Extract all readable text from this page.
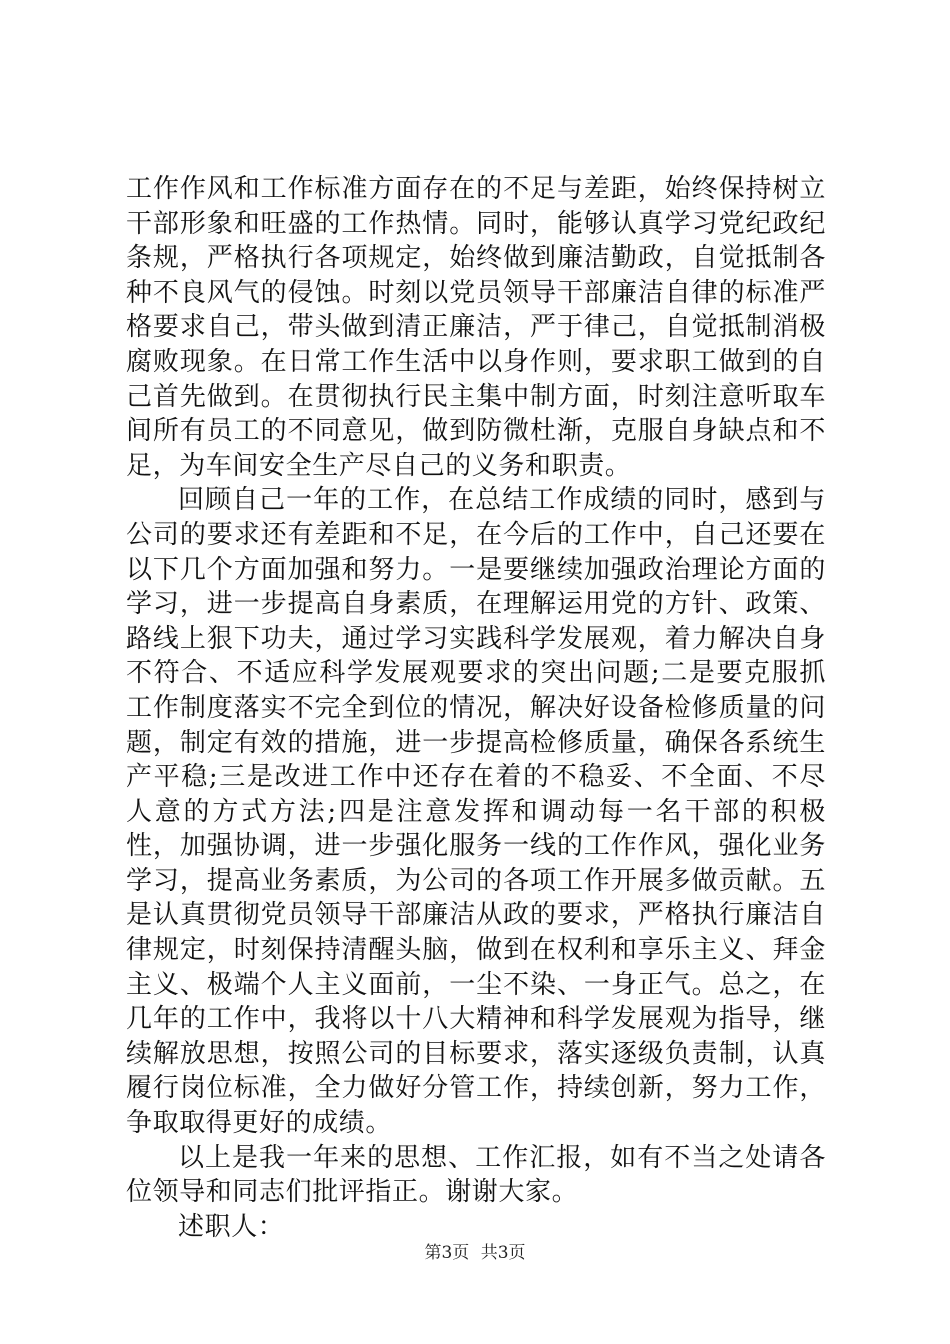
工作作风和工作标准方面存在的不足与差距，始终保持树立干部形象和旺盛的工作热情。同时，能够认真学习党纪政纪条规，严格执行各项规定，始终做到廉洁勤政，自觉抵制各种不良风气的侵蚀。时刻以党员领导干部廉洁自律的标准严格要求自己，带头做到清正廉洁，严于律己，自觉抵制消极腐败现象。在日常工作生活中以身作则，要求职工做到的自己首先做到。在贯彻执行民主集中制方面，时刻注意听取车间所有员工的不同意见，做到防微杜渐，克服自身缺点和不足，为车间安全生产尽自己的义务和职责。

回顾自己一年的工作，在总结工作成绩的同时，感到与公司的要求还有差距和不足，在今后的工作中，自己还要在以下几个方面加强和努力。一是要继续加强政治理论方面的学习，进一步提高自身素质，在理解运用党的方针、政策、路线上狠下功夫，通过学习实践科学发展观，着力解决自身不符合、不适应科学发展观要求的突出问题;二是要克服抓工作制度落实不完全到位的情况，解决好设备检修质量的问题，制定有效的措施，进一步提高检修质量，确保各系统生产平稳;三是改进工作中还存在着的不稳妥、不全面、不尽人意的方式方法;四是注意发挥和调动每一名干部的积极性，加强协调，进一步强化服务一线的工作作风，强化业务学习，提高业务素质，为公司的各项工作开展多做贡献。五是认真贯彻党员领导干部廉洁从政的要求，严格执行廉洁自律规定，时刻保持清醒头脑，做到在权利和享乐主义、拜金主义、极端个人主义面前，一尘不染、一身正气。总之，在几年的工作中，我将以十八大精神和科学发展观为指导，继续解放思想，按照公司的目标要求，落实逐级负责制，认真履行岗位标准，全力做好分管工作，持续创新，努力工作，争取取得更好的成绩。

以上是我一年来的思想、工作汇报，如有不当之处请各位领导和同志们批评指正。谢谢大家。

述职人：

第3页 共3页
